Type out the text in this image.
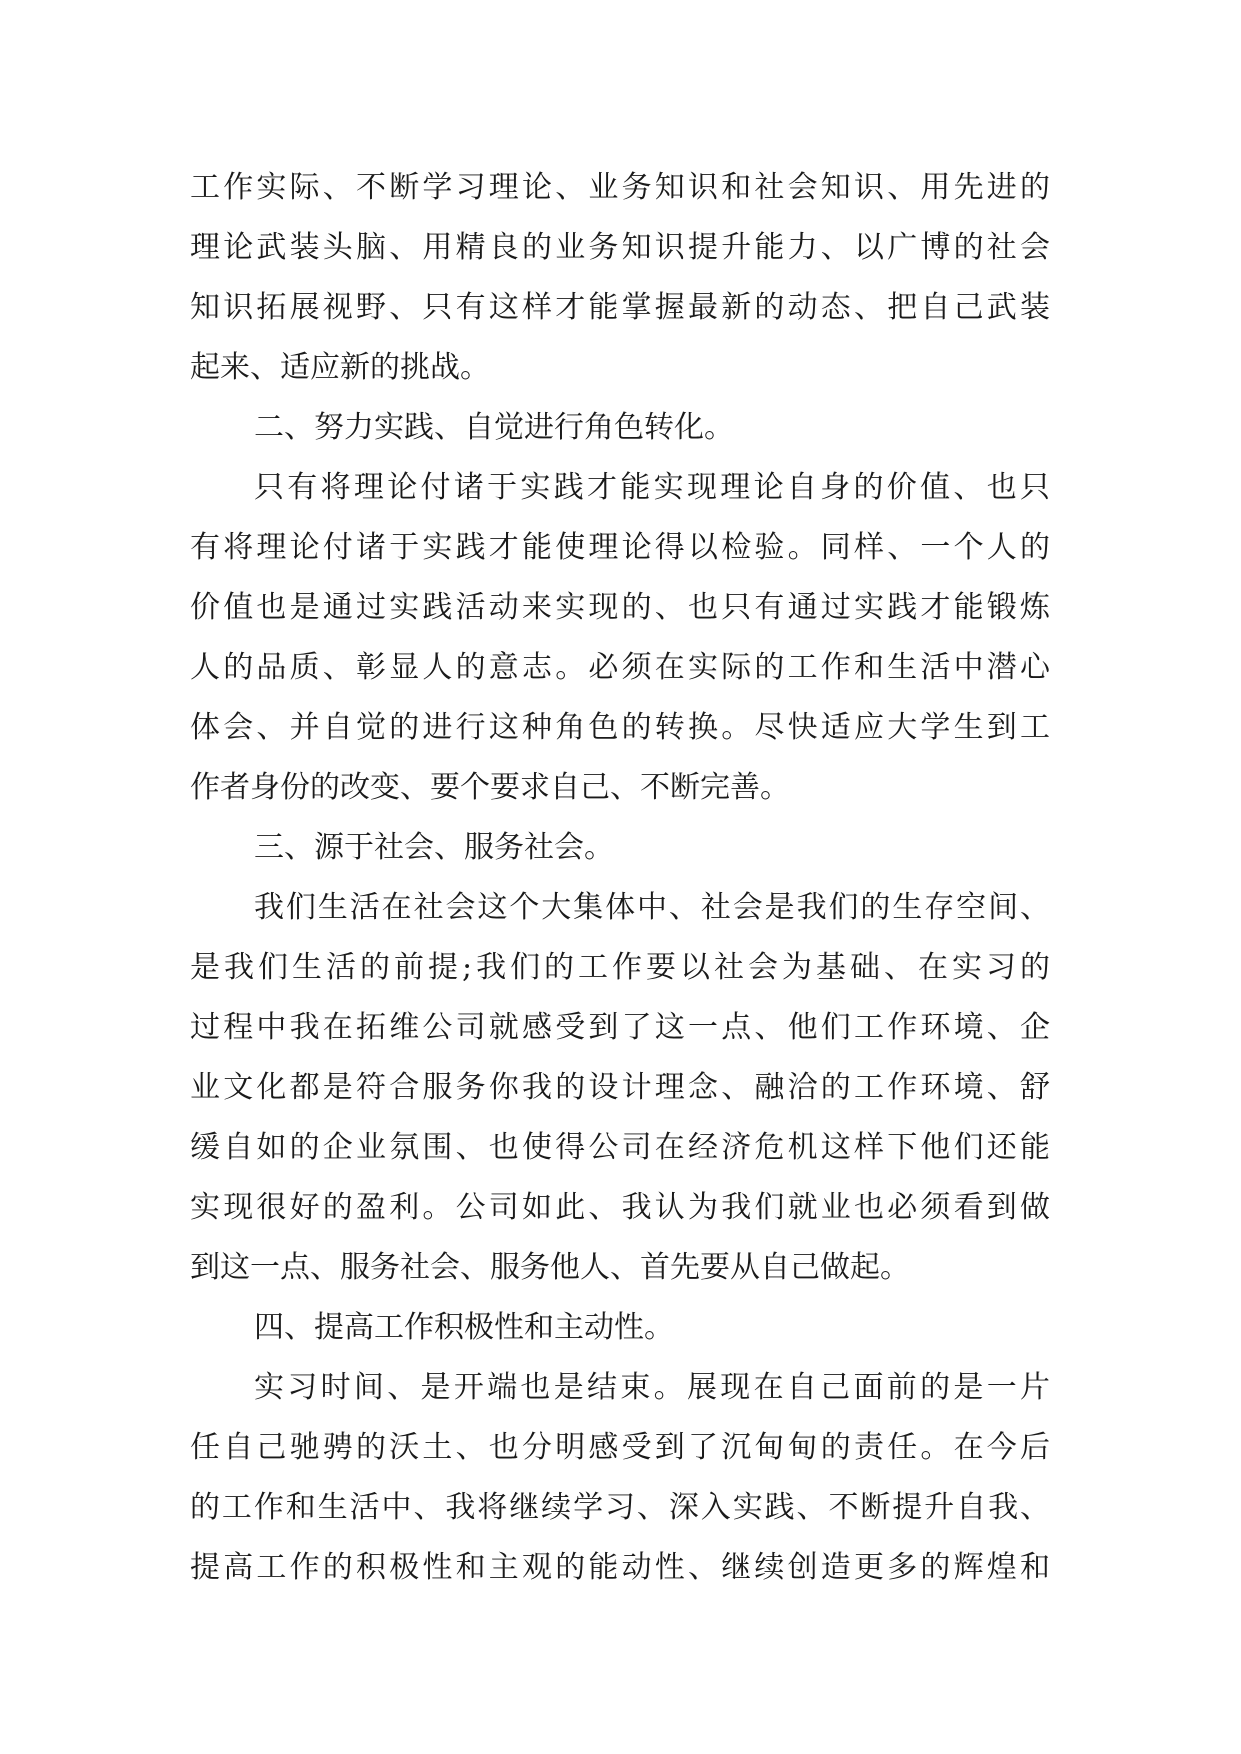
工作实际、不断学习理论、业务知识和社会知识、用先进的
理论武装头脑、用精良的业务知识提升能力、以广博的社会
知识拓展视野、只有这样才能掌握最新的动态、把自己武装
起来、适应新的挑战。
二、努力实践、自觉进行角色转化。
只有将理论付诸于实践才能实现理论自身的价值、也只
有将理论付诸于实践才能使理论得以检验。同样、一个人的
价值也是通过实践活动来实现的、也只有通过实践才能锻炼
人的品质、彰显人的意志。必须在实际的工作和生活中潜心
体会、并自觉的进行这种角色的转换。尽快适应大学生到工
作者身份的改变、要个要求自己、不断完善。
三、源于社会、服务社会。
我们生活在社会这个大集体中、社会是我们的生存空间、
是我们生活的前提;我们的工作要以社会为基础、在实习的
过程中我在拓维公司就感受到了这一点、他们工作环境、企
业文化都是符合服务你我的设计理念、融洽的工作环境、舒
缓自如的企业氛围、也使得公司在经济危机这样下他们还能
实现很好的盈利。公司如此、我认为我们就业也必须看到做
到这一点、服务社会、服务他人、首先要从自己做起。
四、提高工作积极性和主动性。
实习时间、是开端也是结束。展现在自己面前的是一片
任自己驰骋的沃土、也分明感受到了沉甸甸的责任。在今后
的工作和生活中、我将继续学习、深入实践、不断提升自我、
提高工作的积极性和主观的能动性、继续创造更多的辉煌和
